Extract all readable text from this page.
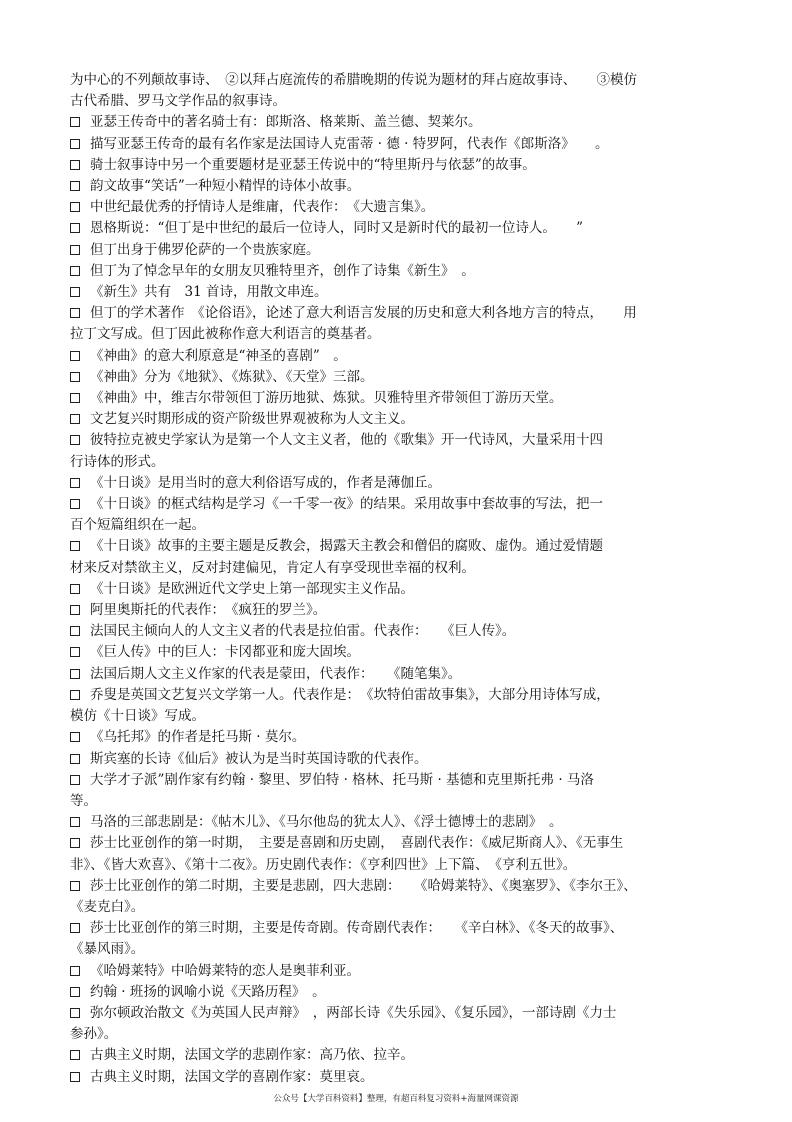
为中心的不列颠故事诗、　②以拜占庭流传的希腊晚期的传说为题材的拜占庭故事诗、　　③模仿
古代希腊、罗马文学作品的叙事诗。
亚瑟王传奇中的著名骑士有：郎斯洛、格莱斯、盖兰德、契莱尔。
描写亚瑟王传奇的最有名作家是法国诗人克雷蒂 · 德 · 特罗阿，代表作《郎斯洛》　　。
骑士叙事诗中另一个重要题材是亚瑟王传说中的“特里斯丹与依瑟”的故事。
韵文故事“笑话”一种短小精悍的诗体小故事。
中世纪最优秀的抒情诗人是维庸，代表作：　《大遗言集》。
恩格斯说：“但丁是中世纪的最后一位诗人，同时又是新时代的最初一位诗人。　　”
但丁出身于佛罗伦萨的一个贵族家庭。
但丁为了悼念早年的女朋友贝雅特里齐，创作了诗集《新生》　。
《新生》共有　31 首诗，用散文串连。
但丁的学术著作　《论俗语》，论述了意大利语言发展的历史和意大利各地方言的特点，　　用
拉丁文写成。但丁因此被称作意大利语言的奠基者。
《神曲》的意大利原意是“神圣的喜剧”　。
《神曲》分为《地狱》、《炼狱》、《天堂》三部。
《神曲》中，维吉尔带领但丁游历地狱、炼狱。贝雅特里齐带领但丁游历天堂。
文艺复兴时期形成的资产阶级世界观被称为人文主义。
彼特拉克被史学家认为是第一个人文主义者，他的《歌集》开一代诗风，大量采用十四
行诗体的形式。
《十日谈》是用当时的意大利俗语写成的，作者是薄伽丘。
《十日谈》的框式结构是学习《一千零一夜》的结果。采用故事中套故事的写法，把一
百个短篇组织在一起。
《十日谈》故事的主要主题是反教会，揭露天主教会和僧侣的腐败、虚伪。通过爱情题
材来反对禁欲主义，反对封建偏见，肯定人有享受现世幸福的权利。
《十日谈》是欧洲近代文学史上第一部现实主义作品。
阿里奥斯托的代表作：　《疯狂的罗兰》。
法国民主倾向人的人文主义者的代表是拉伯雷。代表作：　　《巨人传》。
《巨人传》中的巨人：卡冈都亚和庞大固埃。
法国后期人文主义作家的代表是蒙田，代表作：　　《随笔集》。
乔叟是英国文艺复兴文学第一人。代表作是：　《坎特伯雷故事集》，大部分用诗体写成，
模仿《十日谈》写成。
《乌托邦》的作者是托马斯 · 莫尔。
斯宾塞的长诗《仙后》被认为是当时英国诗歌的代表作。
大学才子派”剧作家有约翰 · 黎里、罗伯特 · 格林、托马斯 · 基德和克里斯托弗 · 马洛
等。
马洛的三部悲剧是：《帖木儿》、《马尔他岛的犹太人》、《浮士德博士的悲剧》　。
莎士比亚创作的第一时期，　主要是喜剧和历史剧，　喜剧代表作：《威尼斯商人》、《无事生
非》、《皆大欢喜》、《第十二夜》。历史剧代表作：《亨利四世》上下篇、　《亨利五世》。
莎士比亚创作的第二时期，主要是悲剧，四大悲剧：　　《哈姆莱特》、《奥塞罗》、《李尔王》、
《麦克白》。
莎士比亚创作的第三时期，主要是传奇剧。传奇剧代表作：　　《辛白林》、《冬天的故事》、
《暴风雨》。
《哈姆莱特》中哈姆莱特的恋人是奥菲利亚。
约翰 · 班扬的讽喻小说《天路历程》　。
弥尔顿政治散文《为英国人民声辩》　，两部长诗《失乐园》、《复乐园》，一部诗剧《力士
参孙》。
古典主义时期，法国文学的悲剧作家：高乃依、拉辛。
古典主义时期，法国文学的喜剧作家：莫里哀。
公众号【大学百科资料】整理，有超百科复习资料+海量网课资源
